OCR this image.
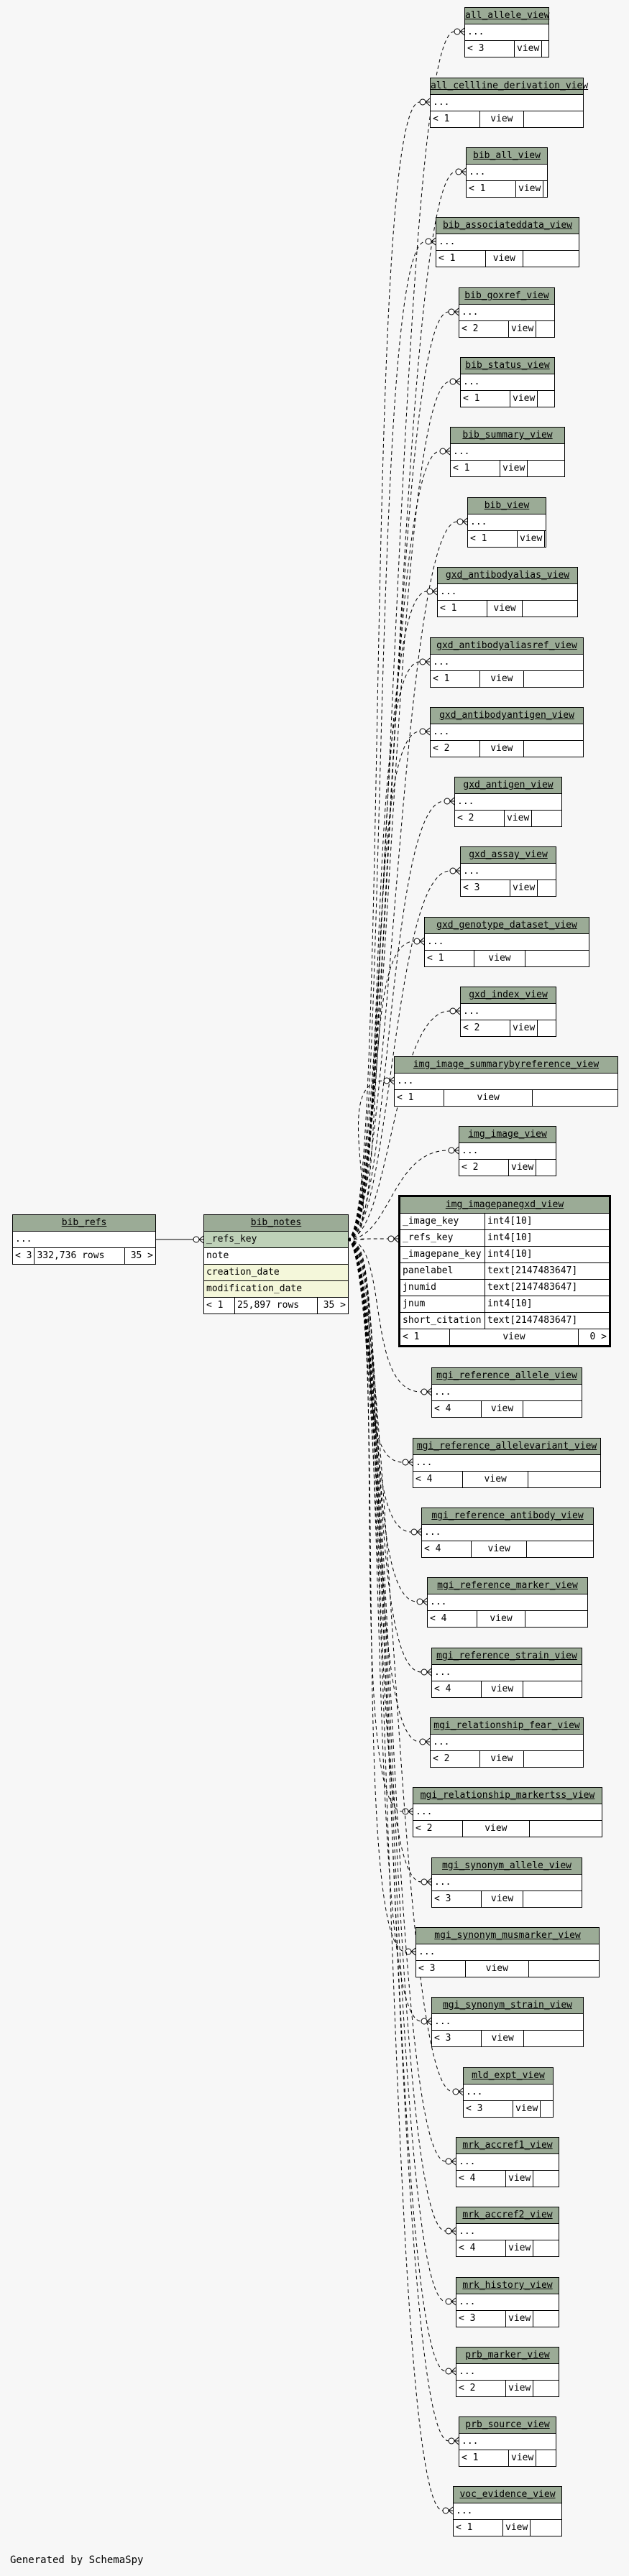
bib_refs
...
< 3 332,736 rows	35 >
bib_notes
_refs_key
note
creation_date
modification_date
< 1	25,897 rows	35 >
img_imagepanegxd_view
_image_key	int4[10]
_refs_key	int4[10]
_imagepane_key int4[10]
panelabel	text[2147483647]
jnumid	text[2147483647]
jnum	int4[10]
short_citation text[2147483647]
< 1	view	0 >
Generated by SchemaSpy
all_allele_view
...
< 3	view
all_cellline_derivation_view
...
< 1	view
bib_all_view
...
< 1	view
bib_associateddata_view
...
< 1	view
bib_goxref_view
...
< 2	view
bib_status_view
...
< 1	view
bib_summary_view
...
< 1	view
bib_view
...
< 1	view
gxd_antibodyalias_view
...
< 1	view
gxd_antibodyaliasref_view
...
< 1	view
gxd_antibodyantigen_view
...
< 2	view
gxd_antigen_view
...
< 2	view
gxd_assay_view
...
< 3	view
gxd_genotype_dataset_view
...
< 1	view
gxd_index_view
...
< 2	view
img_image_summarybyreference_view
...
< 1	view
img_image_view
...
< 2	view
mgi_reference_allele_view
...
< 4	view
mgi_reference_allelevariant_view
...
< 4	view
mgi_reference_antibody_view
...
< 4	view
mgi_reference_marker_view
...
< 4	view
mgi_reference_strain_view
...
< 4	view
mgi_relationship_fear_view
...
< 2	view
mgi_relationship_markertss_view
...
< 2	view
mgi_synonym_allele_view
...
< 3	view
mgi_synonym_musmarker_view
...
< 3	view
mgi_synonym_strain_view
...
< 3	view
mld_expt_view
...
< 3	view
mrk_accref1_view
...
< 4	view
mrk_accref2_view
...
< 4	view
mrk_history_view
...
< 3	view
prb_marker_view
...
< 2	view
prb_source_view
...
< 1	view
voc_evidence_view
...
< 1	view
